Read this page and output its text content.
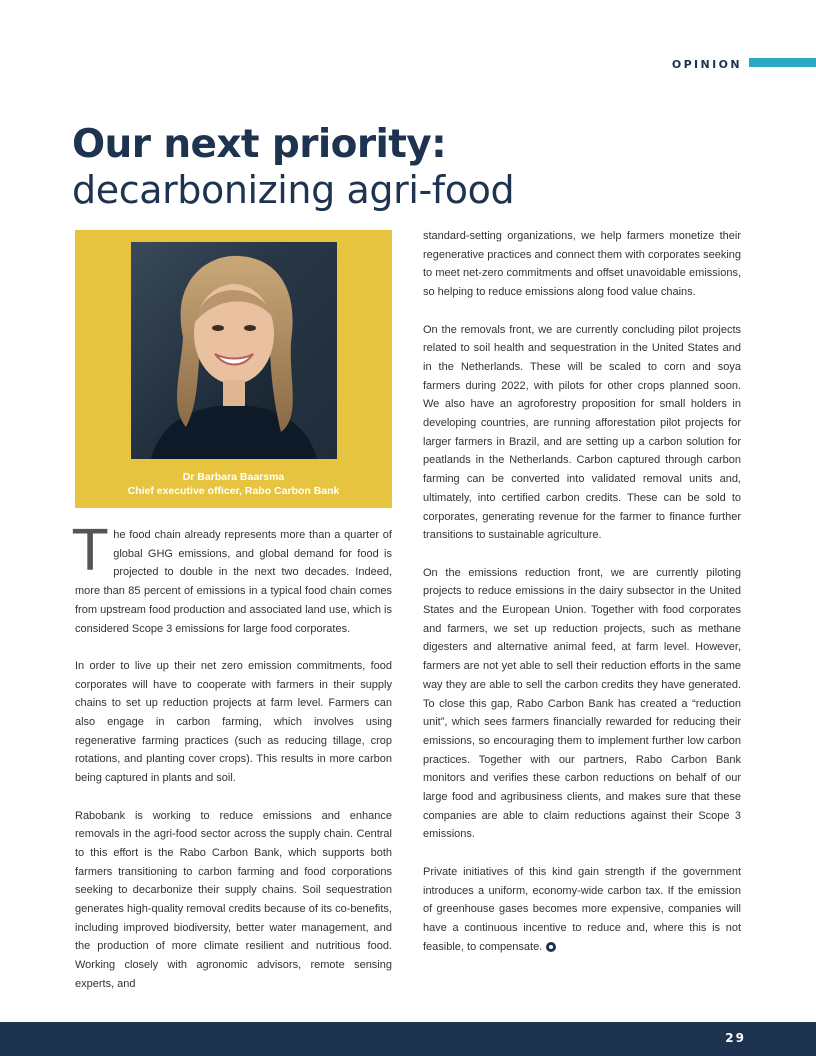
OPINION
Our next priority:
decarbonizing agri-food
Dr Barbara Baarsma
Chief executive officer, Rabo Carbon Bank

The food chain already represents more than a quarter of global GHG emissions, and global demand for food is projected to double in the next two decades. Indeed, more than 85 percent of emissions in a typical food chain comes from upstream food production and associated land use, which is considered Scope 3 emissions for large food corporates.

In order to live up their net zero emission commitments, food corporates will have to cooperate with farmers in their supply chains to set up reduction projects at farm level. Farmers can also engage in carbon farming, which involves using regenerative farming practices (such as reducing tillage, crop rotations, and planting cover crops). This results in more carbon being captured in plants and soil.

Rabobank is working to reduce emissions and enhance removals in the agri-food sector across the supply chain. Central to this effort is the Rabo Carbon Bank, which supports both farmers transitioning to carbon farming and food corporations seeking to decarbonize their supply chains. Soil sequestration generates high-quality removal credits because of its co-benefits, including improved biodiversity, better water management, and the production of more climate resilient and nutritious food. Working closely with agronomic advisors, remote sensing experts, and

standard-setting organizations, we help farmers monetize their regenerative practices and connect them with corporates seeking to meet net-zero commitments and offset unavoidable emissions, so helping to reduce emissions along food value chains.

On the removals front, we are currently concluding pilot projects related to soil health and sequestration in the United States and in the Netherlands. These will be scaled to corn and soya farmers during 2022, with pilots for other crops planned soon. We also have an agroforestry proposition for small holders in developing countries, are running afforestation pilot projects for larger farmers in Brazil, and are setting up a carbon solution for peatlands in the Netherlands. Carbon captured through carbon farming can be converted into validated removal units and, ultimately, into certified carbon credits. These can be sold to corporates, generating revenue for the farmer to finance further transitions to sustainable agriculture.

On the emissions reduction front, we are currently piloting projects to reduce emissions in the dairy subsector in the United States and the European Union. Together with food corporates and farmers, we set up reduction projects, such as methane digesters and alternative animal feed, at farm level. However, farmers are not yet able to sell their reduction efforts in the same way they are able to sell the carbon credits they have generated. To close this gap, Rabo Carbon Bank has created a “reduction unit”, which sees farmers financially rewarded for reducing their emissions, so encouraging them to implement further low carbon practices. Together with our partners, Rabo Carbon Bank monitors and verifies these carbon reductions on behalf of our large food and agribusiness clients, and makes sure that these companies are able to claim reductions against their Scope 3 emissions.

Private initiatives of this kind gain strength if the government introduces a uniform, economy-wide carbon tax. If the emission of greenhouse gases becomes more expensive, companies will have a continuous incentive to reduce and, where this is not feasible, to compensate.

29
